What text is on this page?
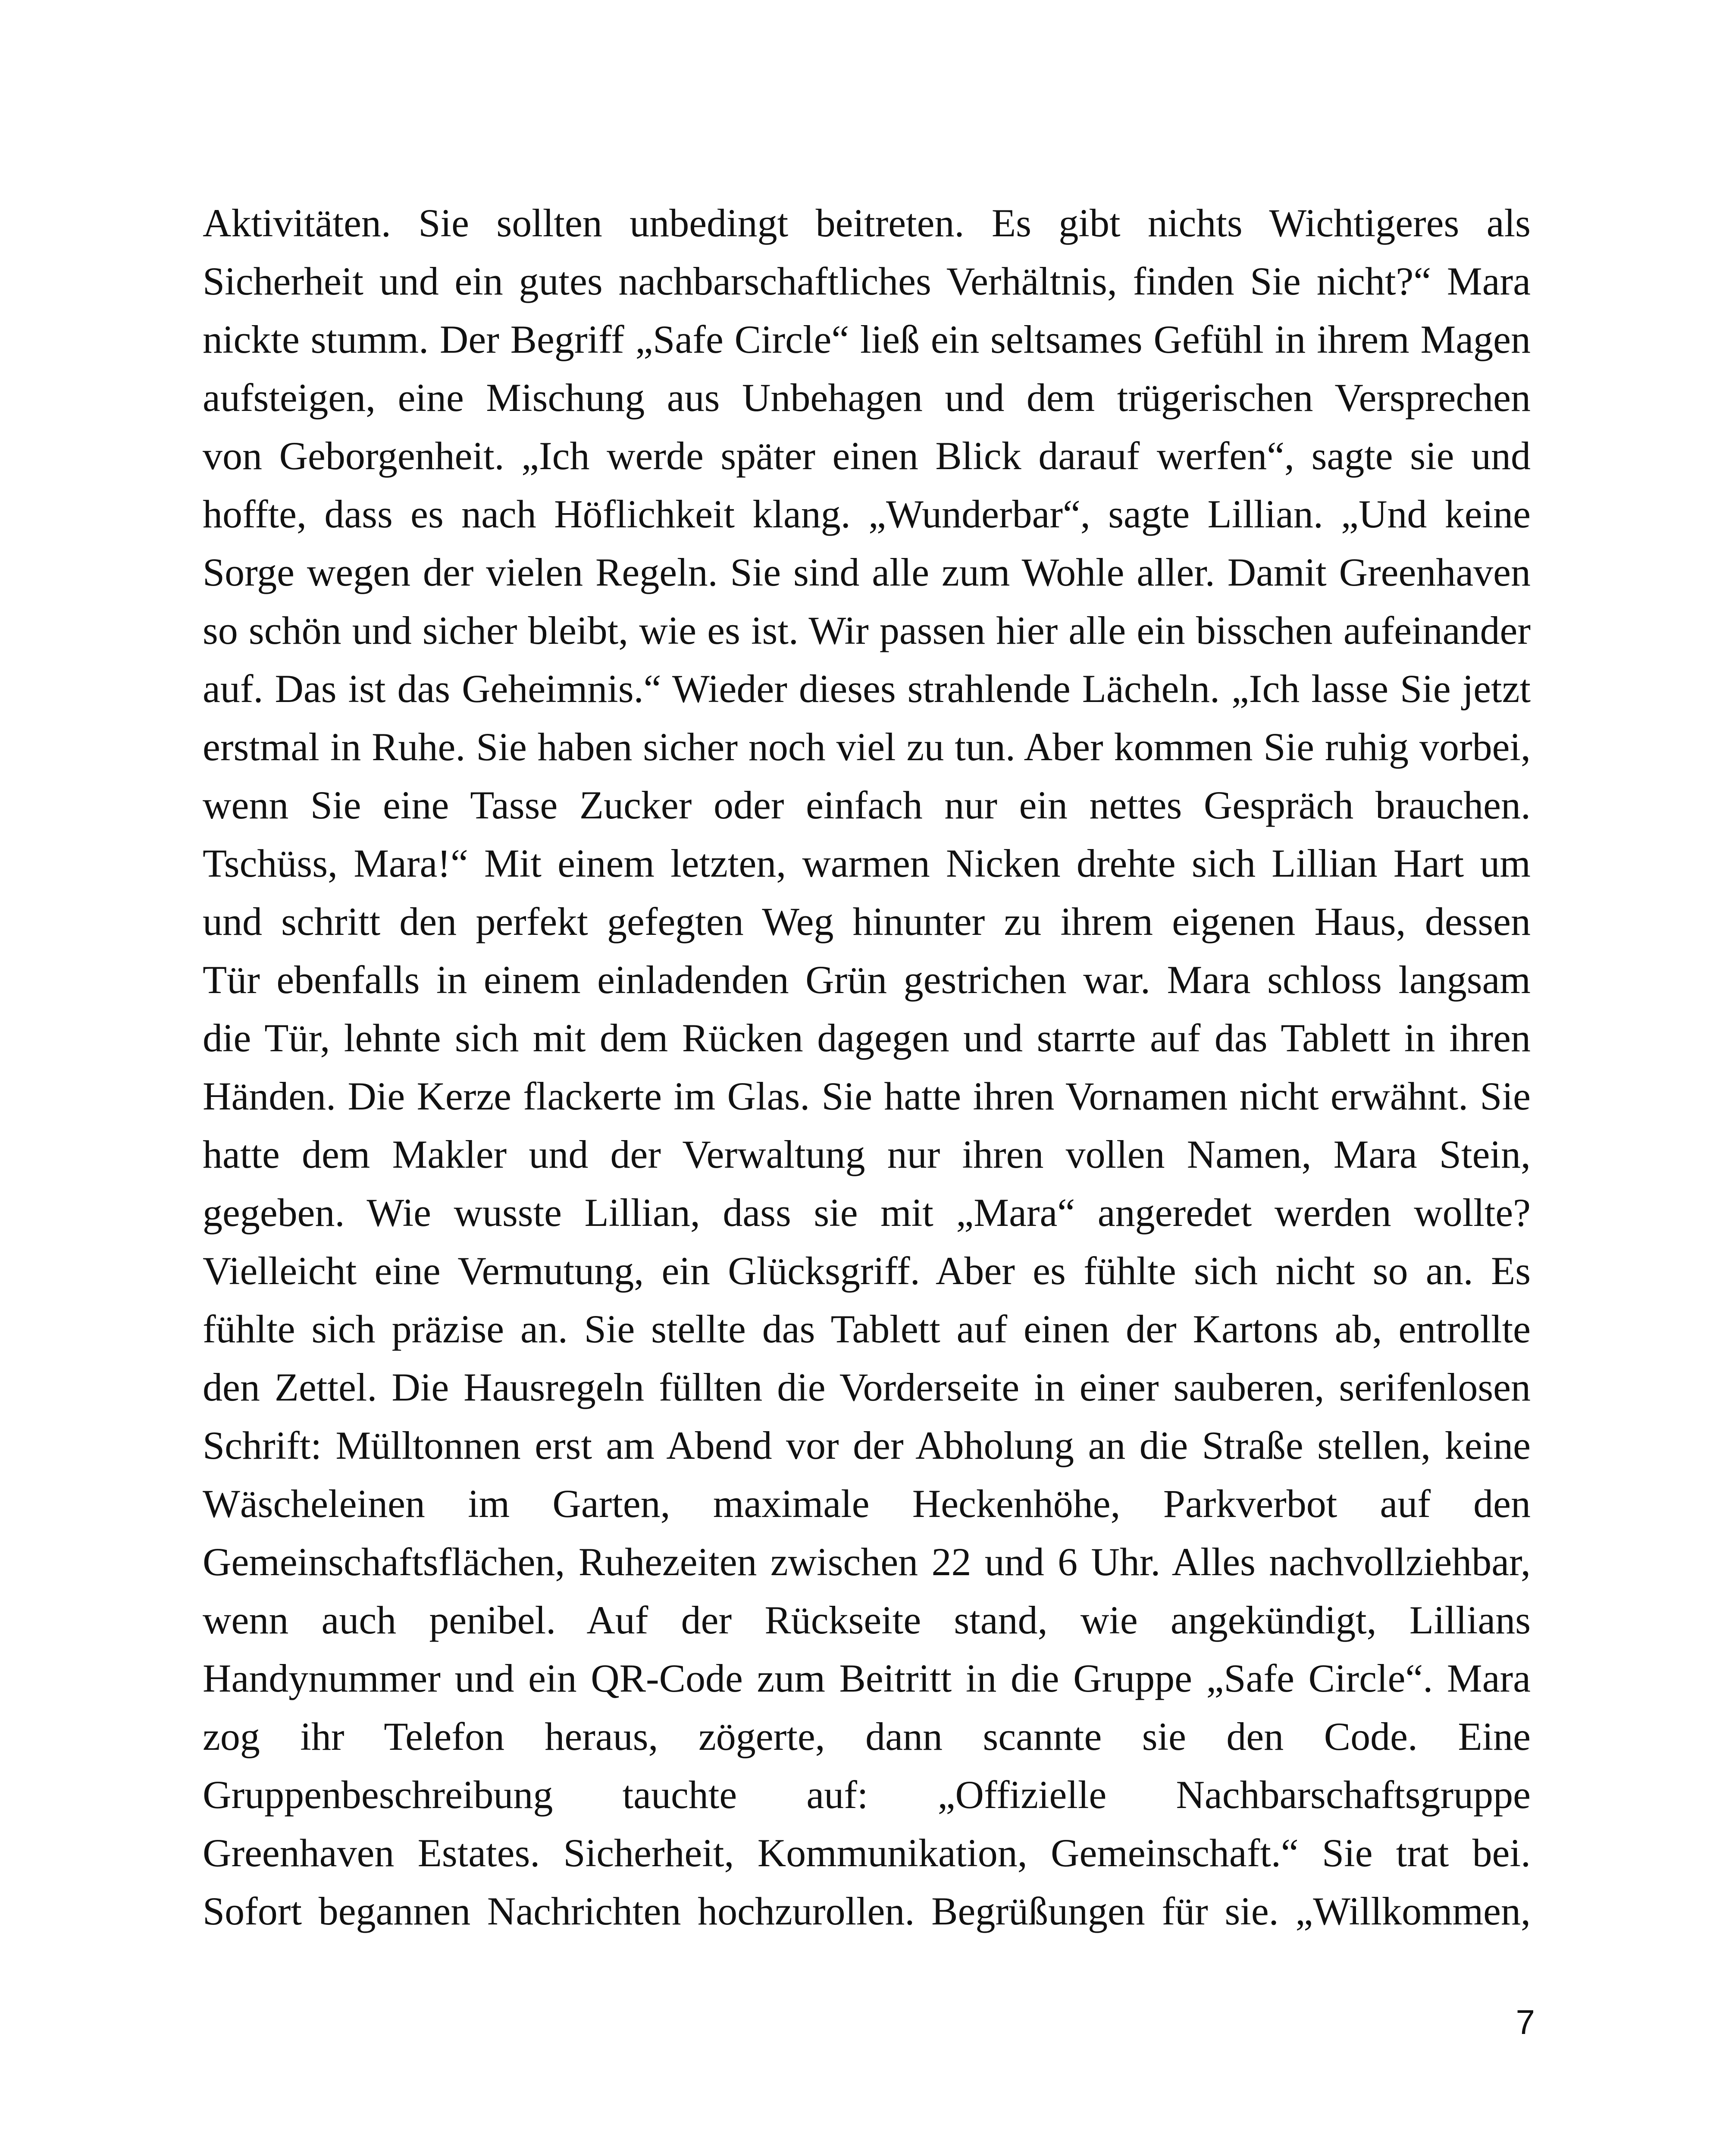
Aktivitäten. Sie sollten unbedingt beitreten. Es gibt nichts Wichtigeres als
Sicherheit und ein gutes nachbarschaftliches Verhältnis, finden Sie nicht?“ Mara
nickte stumm. Der Begriff „Safe Circle“ ließ ein seltsames Gefühl in ihrem Magen
aufsteigen, eine Mischung aus Unbehagen und dem trügerischen Versprechen
von Geborgenheit. „Ich werde später einen Blick darauf werfen“, sagte sie und
hoffte, dass es nach Höflichkeit klang. „Wunderbar“, sagte Lillian. „Und keine
Sorge wegen der vielen Regeln. Sie sind alle zum Wohle aller. Damit Greenhaven
so schön und sicher bleibt, wie es ist. Wir passen hier alle ein bisschen aufeinander
auf. Das ist das Geheimnis.“ Wieder dieses strahlende Lächeln. „Ich lasse Sie jetzt
erstmal in Ruhe. Sie haben sicher noch viel zu tun. Aber kommen Sie ruhig vorbei,
wenn Sie eine Tasse Zucker oder einfach nur ein nettes Gespräch brauchen.
Tschüss, Mara!“ Mit einem letzten, warmen Nicken drehte sich Lillian Hart um
und schritt den perfekt gefegten Weg hinunter zu ihrem eigenen Haus, dessen
Tür ebenfalls in einem einladenden Grün gestrichen war. Mara schloss langsam
die Tür, lehnte sich mit dem Rücken dagegen und starrte auf das Tablett in ihren
Händen. Die Kerze flackerte im Glas. Sie hatte ihren Vornamen nicht erwähnt. Sie
hatte dem Makler und der Verwaltung nur ihren vollen Namen, Mara Stein,
gegeben. Wie wusste Lillian, dass sie mit „Mara“ angeredet werden wollte?
Vielleicht eine Vermutung, ein Glücksgriff. Aber es fühlte sich nicht so an. Es
fühlte sich präzise an. Sie stellte das Tablett auf einen der Kartons ab, entrollte
den Zettel. Die Hausregeln füllten die Vorderseite in einer sauberen, serifenlosen
Schrift: Mülltonnen erst am Abend vor der Abholung an die Straße stellen, keine
Wäscheleinen im Garten, maximale Heckenhöhe, Parkverbot auf den
Gemeinschaftsflächen, Ruhezeiten zwischen 22 und 6 Uhr. Alles nachvollziehbar,
wenn auch penibel. Auf der Rückseite stand, wie angekündigt, Lillians
Handynummer und ein QR-Code zum Beitritt in die Gruppe „Safe Circle“. Mara
zog ihr Telefon heraus, zögerte, dann scannte sie den Code. Eine
Gruppenbeschreibung tauchte auf: „Offizielle Nachbarschaftsgruppe
Greenhaven Estates. Sicherheit, Kommunikation, Gemeinschaft.“ Sie trat bei.
Sofort begannen Nachrichten hochzurollen. Begrüßungen für sie. „Willkommen,
7
